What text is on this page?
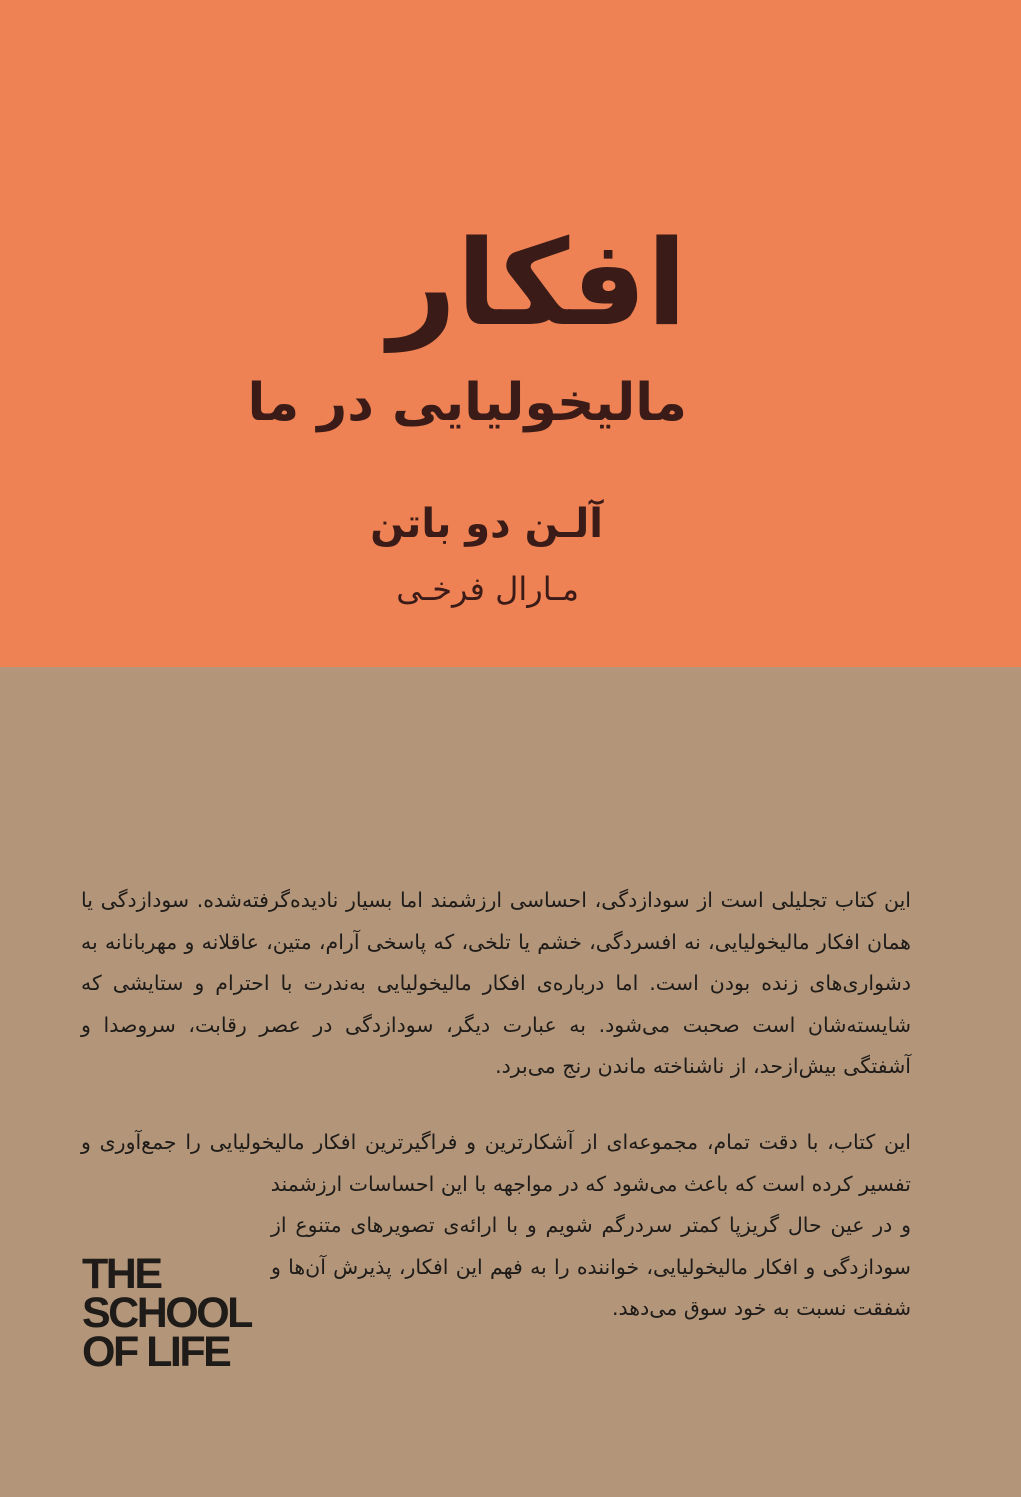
افکار
مالیخولیایی در ما
آلـن دو باتن
مـارال فرخـی

این کتاب تجلیلی است از سودازدگی، احساسی ارزشمند اما بسیار نادیده‌گرفته‌شده. سودازدگی یا همان افکار مالیخولیایی، نه افسردگی، خشم یا تلخی، که پاسخی آرام، متین، عاقلانه و مهربانانه به دشواری‌های زنده بودن است. اما درباره‌ی افکار مالیخولیایی به‌ندرت با احترام و ستایشی که شایسته‌شان است صحبت می‌شود. به عبارت دیگر، سودازدگی در عصر رقابت، سروصدا و آشفتگی بیش‌ازحد، از ناشناخته ماندن رنج می‌برد.

این کتاب، با دقت تمام، مجموعه‌ای از آشکارترین و فراگیرترین افکار مالیخولیایی را جمع‌آوری و تفسیر کرده است که باعث می‌شود که در مواجهه با این احساسات ارزشمند

و در عین حال گریزپا کمتر سردرگم شویم و با ارائه‌ی تصویرهای متنوع از سودازدگی و افکار مالیخولیایی، خواننده را به فهم این افکار، پذیرش آن‌ها و شفقت نسبت به خود سوق می‌دهد.

THE
SCHOOL
OF LIFE
